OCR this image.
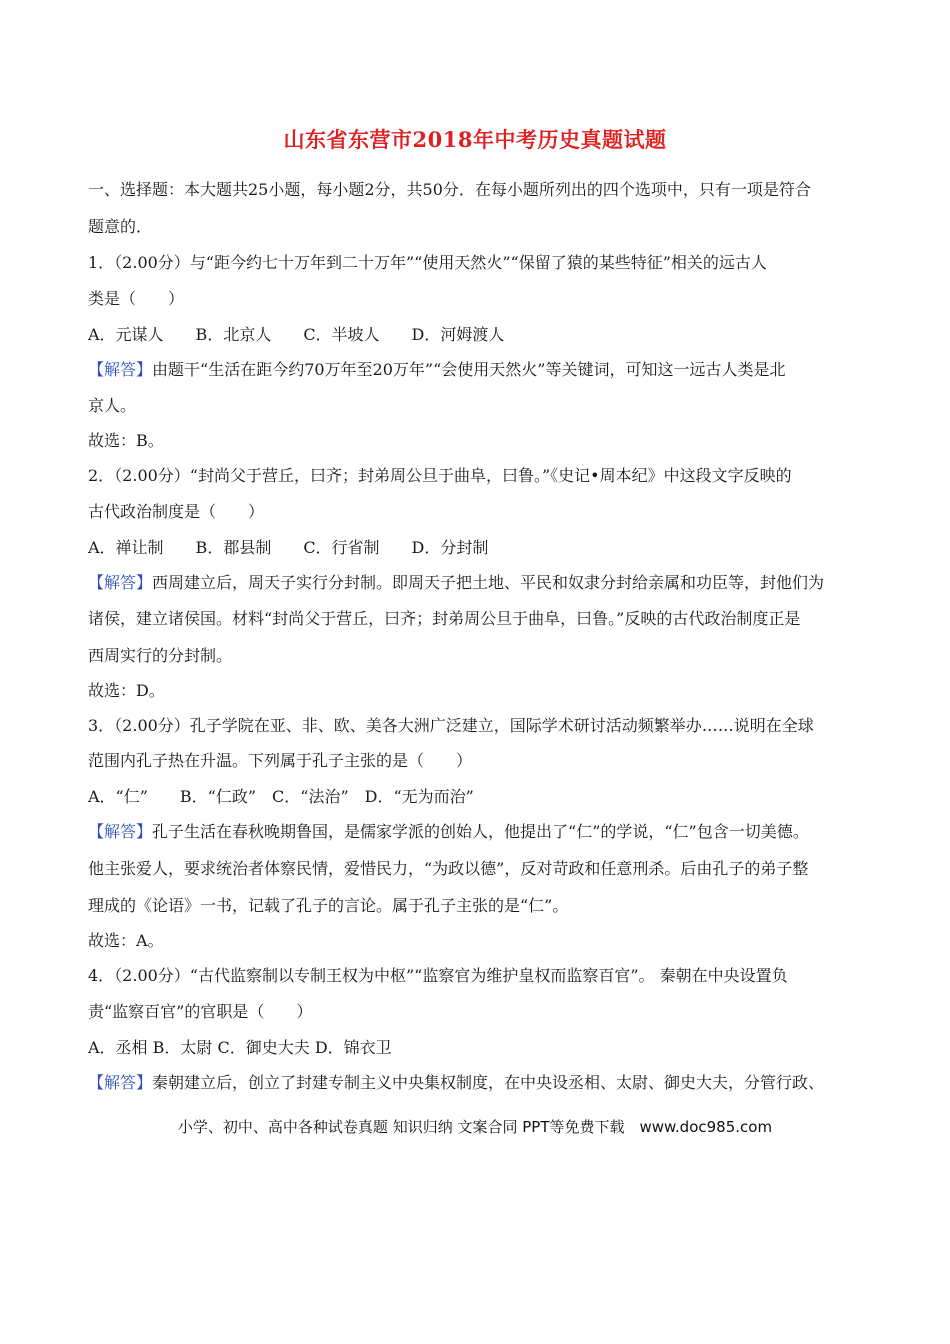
山东省东营市2018年中考历史真题试题
一、选择题：本大题共25小题，每小题2分，共50分．在每小题所列出的四个选项中，只有一项是符合
题意的．
1．（2.00分）与“距今约七十万年到二十万年”“使用天然火”“保留了猿的某些特征”相关的远古人
类是（　　）
A．元谋人　　B．北京人　　C．半坡人　　D．河姆渡人
【解答】由题干“生活在距今约70万年至20万年”“会使用天然火”等关键词，可知这一远古人类是北
京人。
故选：B。
2．（2.00分）“封尚父于营丘，曰齐；封弟周公旦于曲阜，曰鲁。”《史记•周本纪》中这段文字反映的
古代政治制度是（　　）
A．禅让制　　B．郡县制　　C．行省制　　D．分封制
【解答】西周建立后，周天子实行分封制。即周天子把土地、平民和奴隶分封给亲属和功臣等，封他们为
诸侯，建立诸侯国。材料“封尚父于营丘，曰齐；封弟周公旦于曲阜，曰鲁。”反映的古代政治制度正是
西周实行的分封制。
故选：D。
3．（2.00分）孔子学院在亚、非、欧、美各大洲广泛建立，国际学术研讨活动频繁举办……说明在全球
范围内孔子热在升温。下列属于孔子主张的是（　　）
A．“仁”　　B．“仁政”　C．“法治”　D．“无为而治”
【解答】孔子生活在春秋晚期鲁国，是儒家学派的创始人，他提出了“仁”的学说，“仁”包含一切美德。
他主张爱人，要求统治者体察民情，爱惜民力，“为政以德”，反对苛政和任意刑杀。后由孔子的弟子整
理成的《论语》一书，记载了孔子的言论。属于孔子主张的是“仁”。
故选：A。
4．（2.00分）“古代监察制以专制王权为中枢”“监察官为维护皇权而监察百官”。 秦朝在中央设置负
责“监察百官”的官职是（　　）
A．丞相 B．太尉 C．御史大夫 D．锦衣卫
【解答】秦朝建立后，创立了封建专制主义中央集权制度，在中央设丞相、太尉、御史大夫，分管行政、
小学、初中、高中各种试卷真题 知识归纳 文案合同 PPT等免费下载　www.doc985.com
